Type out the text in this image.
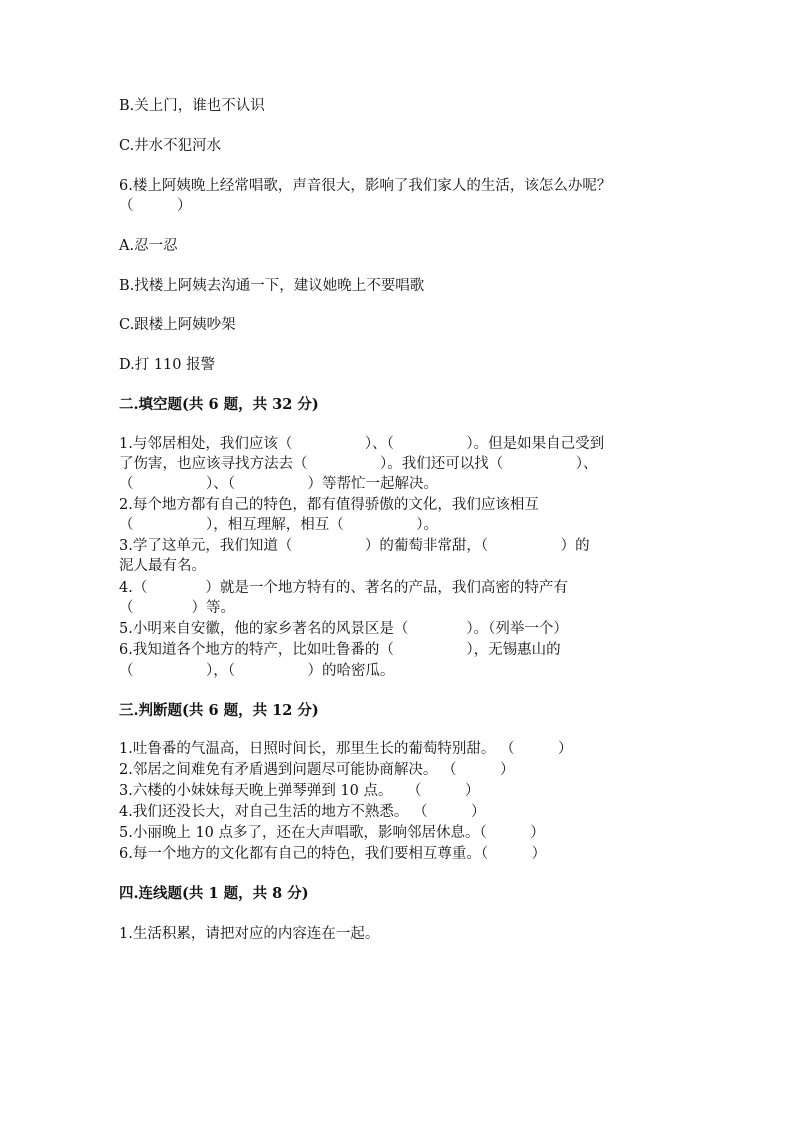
B.关上门，谁也不认识
C.井水不犯河水
6.楼上阿姨晚上经常唱歌，声音很大，影响了我们家人的生活，该怎么办呢？
（　　　）
A.忍一忍
B.找楼上阿姨去沟通一下，建议她晚上不要唱歌
C.跟楼上阿姨吵架
D.打 110 报警
二.填空题(共 6 题，共 32 分)
1.与邻居相处，我们应该（　　　　　）、（　　　　　）。但是如果自己受到
了伤害，也应该寻找方法去（　　　　　）。我们还可以找（　　　　　）、
（　　　　　）、（　　　　　）等帮忙一起解决。
2.每个地方都有自己的特色，都有值得骄傲的文化，我们应该相互
（　　　　　），相互理解，相互（　　　　　）。
3.学了这单元，我们知道（　　　　　）的葡萄非常甜，（　　　　　）的
泥人最有名。
4.（　　　　）就是一个地方特有的、著名的产品，我们高密的特产有
（　　　　）等。
5.小明来自安徽，他的家乡著名的风景区是（　　　　）。（列举一个）
6.我知道各个地方的特产，比如吐鲁番的（　　　　　），无锡惠山的
（　　　　　），（　　　　　）的哈密瓜。
三.判断题(共 6 题，共 12 分)
1.吐鲁番的气温高，日照时间长，那里生长的葡萄特别甜。 （　　　）
2.邻居之间难免有矛盾遇到问题尽可能协商解决。 （　　　）
3.六楼的小妹妹每天晚上弹琴弹到 10 点。　　（　　　）
4.我们还没长大，对自己生活的地方不熟悉。 （　　　）
5.小丽晚上 10 点多了，还在大声唱歌，影响邻居休息。（　　　）
6.每一个地方的文化都有自己的特色，我们要相互尊重。（　　　）
四.连线题(共 1 题，共 8 分)
1.生活积累，请把对应的内容连在一起。
